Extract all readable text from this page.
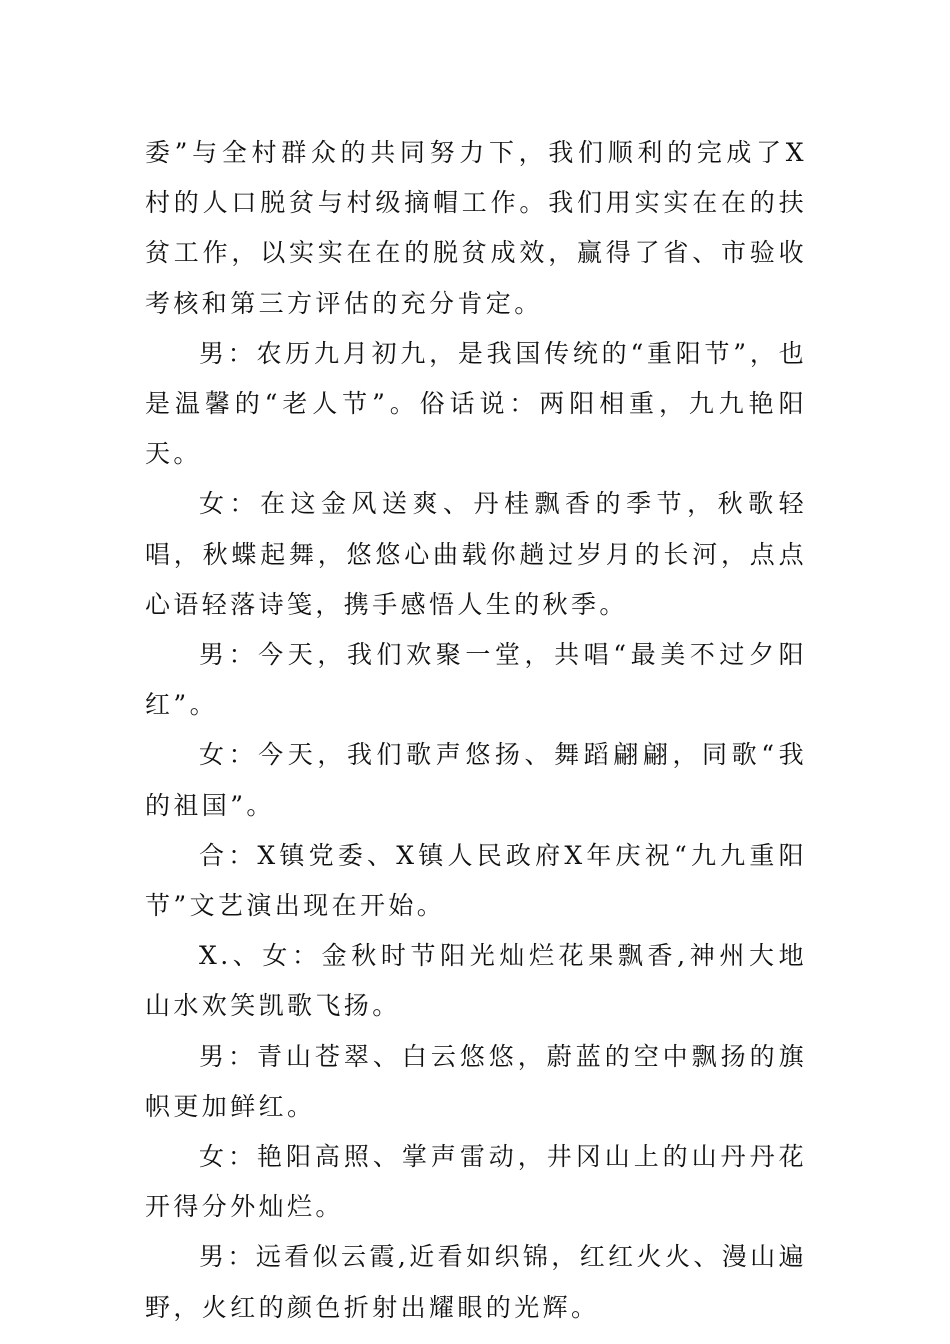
委”与全村群众的共同努力下，我们顺利的完成了X村的人口脱贫与村级摘帽工作。我们用实实在在的扶贫工作，以实实在在的脱贫成效，赢得了省、市验收考核和第三方评估的充分肯定。

男：农历九月初九，是我国传统的“重阳节”，也是温馨的“老人节”。俗话说：两阳相重，九九艳阳天。

女：在这金风送爽、丹桂飘香的季节，秋歌轻唱，秋蝶起舞，悠悠心曲载你趟过岁月的长河，点点心语轻落诗笺，携手感悟人生的秋季。

男：今天，我们欢聚一堂，共唱“最美不过夕阳红”。

女：今天，我们歌声悠扬、舞蹈翩翩，同歌“我的祖国”。

合：X镇党委、X镇人民政府X年庆祝“九九重阳节”文艺演出现在开始。

X.、女：金秋时节阳光灿烂花果飘香,神州大地山水欢笑凯歌飞扬。

男：青山苍翠、白云悠悠，蔚蓝的空中飘扬的旗帜更加鲜红。

女：艳阳高照、掌声雷动，井冈山上的山丹丹花开得分外灿烂。

男：远看似云霞,近看如织锦，红红火火、漫山遍野，火红的颜色折射出耀眼的光辉。
